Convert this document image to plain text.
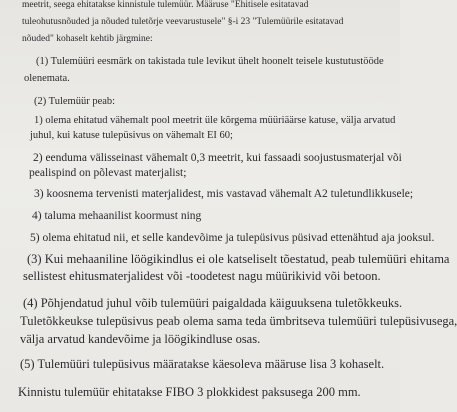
meetrit, seega ehitatakse kinnistule tulemüür. Määruse "Ehitisele esitatavad

tuleohutusnõuded ja nõuded tuletõrje veevarustusele" §-i 23 "Tulemüürile esitatavad

nõuded" kohaselt kehtib järgmine:

(1) Tulemüüri eesmärk on takistada tule levikut ühelt hoonelt teisele kustutustööde

olenemata.

(2) Tulemüür peab:

1) olema ehitatud vähemalt pool meetrit üle kõrgema müüriäärse katuse, välja arvatud

juhul, kui katuse tulepüsivus on vähemalt EI 60;

2) eenduma välisseinast vähemalt 0,3 meetrit, kui fassaadi soojustusmaterjal või

pealispind on põlevast materjalist;

3) koosnema tervenisti materjalidest, mis vastavad vähemalt A2 tuletundlikkusele;

4) taluma mehaanilist koormust ning

5) olema ehitatud nii, et selle kandevõime ja tulepüsivus püsivad ettenähtud aja jooksul.

(3) Kui mehaaniline löögikindlus ei ole katseliselt tõestatud, peab tulemüüri ehitama

sellistest ehitusmaterjalidest või -toodetest nagu müürikivid või betoon.

(4) Põhjendatud juhul võib tulemüüri paigaldada käiguuksena tuletõkkeuks.

Tuletõkkeukse tulepüsivus peab olema sama teda ümbritseva tulemüüri tulepüsivusega,

välja arvatud kandevõime ja löögikindluse osas.

(5) Tulemüüri tulepüsivus määratakse käesoleva määruse lisa 3 kohaselt.

Kinnistu tulemüür ehitatakse FIBO 3 plokkidest paksusega 200 mm.
